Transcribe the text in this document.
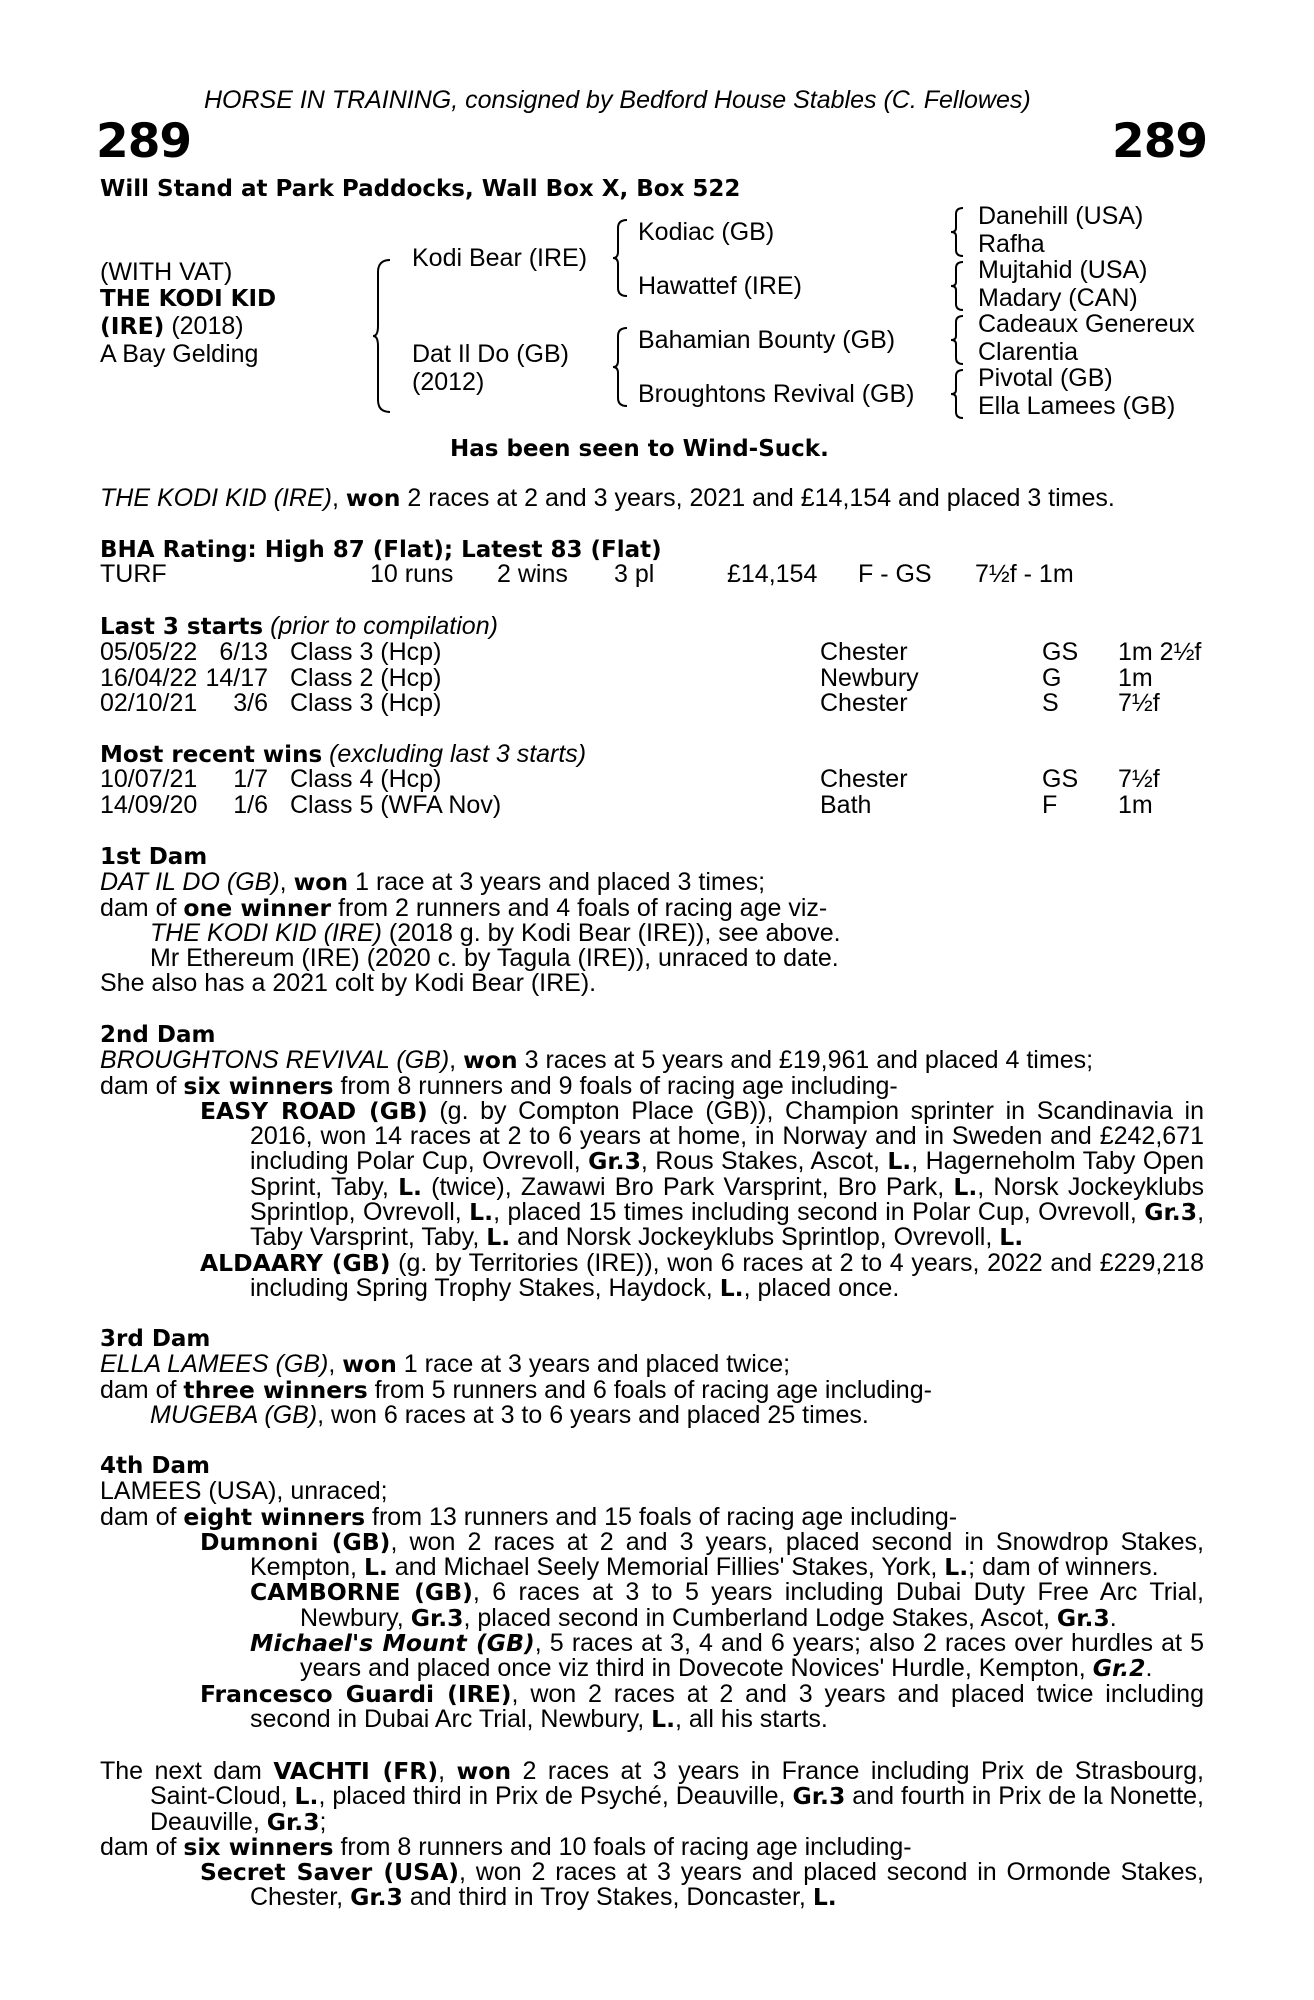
HORSE IN TRAINING, consigned by Bedford House Stables (C. Fellowes)
289	289
Will Stand at Park Paddocks, Wall Box X, Box 522
(WITH VAT)
THE KODI KID
(IRE) (2018)
A Bay Gelding
Kodi Bear (IRE)
Dat Il Do (GB)
(2012)
Kodiac (GB)
Hawattef (IRE)
Bahamian Bounty (GB)
Broughtons Revival (GB)
Danehill (USA)
Rafha
Mujtahid (USA)
Madary (CAN)
Cadeaux Genereux
Clarentia
Pivotal (GB)
Ella Lamees (GB)
Has been seen to Wind-Suck.
THE KODI KID (IRE), won 2 races at 2 and 3 years, 2021 and £14,154 and placed 3 times.
BHA Rating: High 87 (Flat); Latest 83 (Flat)
TURF	10 runs 2 wins 3 pl	£14,154 F - GS 7½f - 1m
Last 3 starts (prior to compilation)
05/05/22 6/13 Class 3 (Hcp)	Chester	GS 1m 2½f
16/04/22 14/17 Class 2 (Hcp)	Newbury	G 1m
02/10/21	3/6 Class 3 (Hcp)	Chester	S 7½f
Most recent wins (excluding last 3 starts)
10/07/21	1/7 Class 4 (Hcp)	Chester	GS 7½f
14/09/20	1/6 Class 5 (WFA Nov)	Bath	F 1m

1st Dam

DAT IL DO (GB), won 1 race at 3 years and placed 3 times;

dam of one winner from 2 runners and 4 foals of racing age viz-

THE KODI KID (IRE) (2018 g. by Kodi Bear (IRE)), see above.

Mr Ethereum (IRE) (2020 c. by Tagula (IRE)), unraced to date.

She also has a 2021 colt by Kodi Bear (IRE).

2nd Dam

BROUGHTONS REVIVAL (GB), won 3 races at 5 years and £19,961 and placed 4 times;

dam of six winners from 8 runners and 9 foals of racing age including-

EASY ROAD (GB) (g. by Compton Place (GB)), Champion sprinter in Scandinavia in 2016, won 14 races at 2 to 6 years at home, in Norway and in Sweden and £242,671 including Polar Cup, Ovrevoll, Gr.3, Rous Stakes, Ascot, L., Hagerneholm Taby Open Sprint, Taby, L. (twice), Zawawi Bro Park Varsprint, Bro Park, L., Norsk Jockeyklubs Sprintlop, Ovrevoll, L., placed 15 times including second in Polar Cup, Ovrevoll, Gr.3, Taby Varsprint, Taby, L. and Norsk Jockeyklubs Sprintlop, Ovrevoll, L.

ALDAARY (GB) (g. by Territories (IRE)), won 6 races at 2 to 4 years, 2022 and £229,218 including Spring Trophy Stakes, Haydock, L., placed once.

3rd Dam

ELLA LAMEES (GB), won 1 race at 3 years and placed twice;

dam of three winners from 5 runners and 6 foals of racing age including-

MUGEBA (GB), won 6 races at 3 to 6 years and placed 25 times.

4th Dam

LAMEES (USA), unraced;

dam of eight winners from 13 runners and 15 foals of racing age including-

Dumnoni (GB), won 2 races at 2 and 3 years, placed second in Snowdrop Stakes, Kempton, L. and Michael Seely Memorial Fillies' Stakes, York, L.; dam of winners.

CAMBORNE (GB), 6 races at 3 to 5 years including Dubai Duty Free Arc Trial, Newbury, Gr.3, placed second in Cumberland Lodge Stakes, Ascot, Gr.3.

Michael's Mount (GB), 5 races at 3, 4 and 6 years; also 2 races over hurdles at 5 years and placed once viz third in Dovecote Novices' Hurdle, Kempton, Gr.2.

Francesco Guardi (IRE), won 2 races at 2 and 3 years and placed twice including second in Dubai Arc Trial, Newbury, L., all his starts.

The next dam VACHTI (FR), won 2 races at 3 years in France including Prix de Strasbourg, Saint-Cloud, L., placed third in Prix de Psyché, Deauville, Gr.3 and fourth in Prix de la Nonette, Deauville, Gr.3;

dam of six winners from 8 runners and 10 foals of racing age including-

Secret Saver (USA), won 2 races at 3 years and placed second in Ormonde Stakes, Chester, Gr.3 and third in Troy Stakes, Doncaster, L.
